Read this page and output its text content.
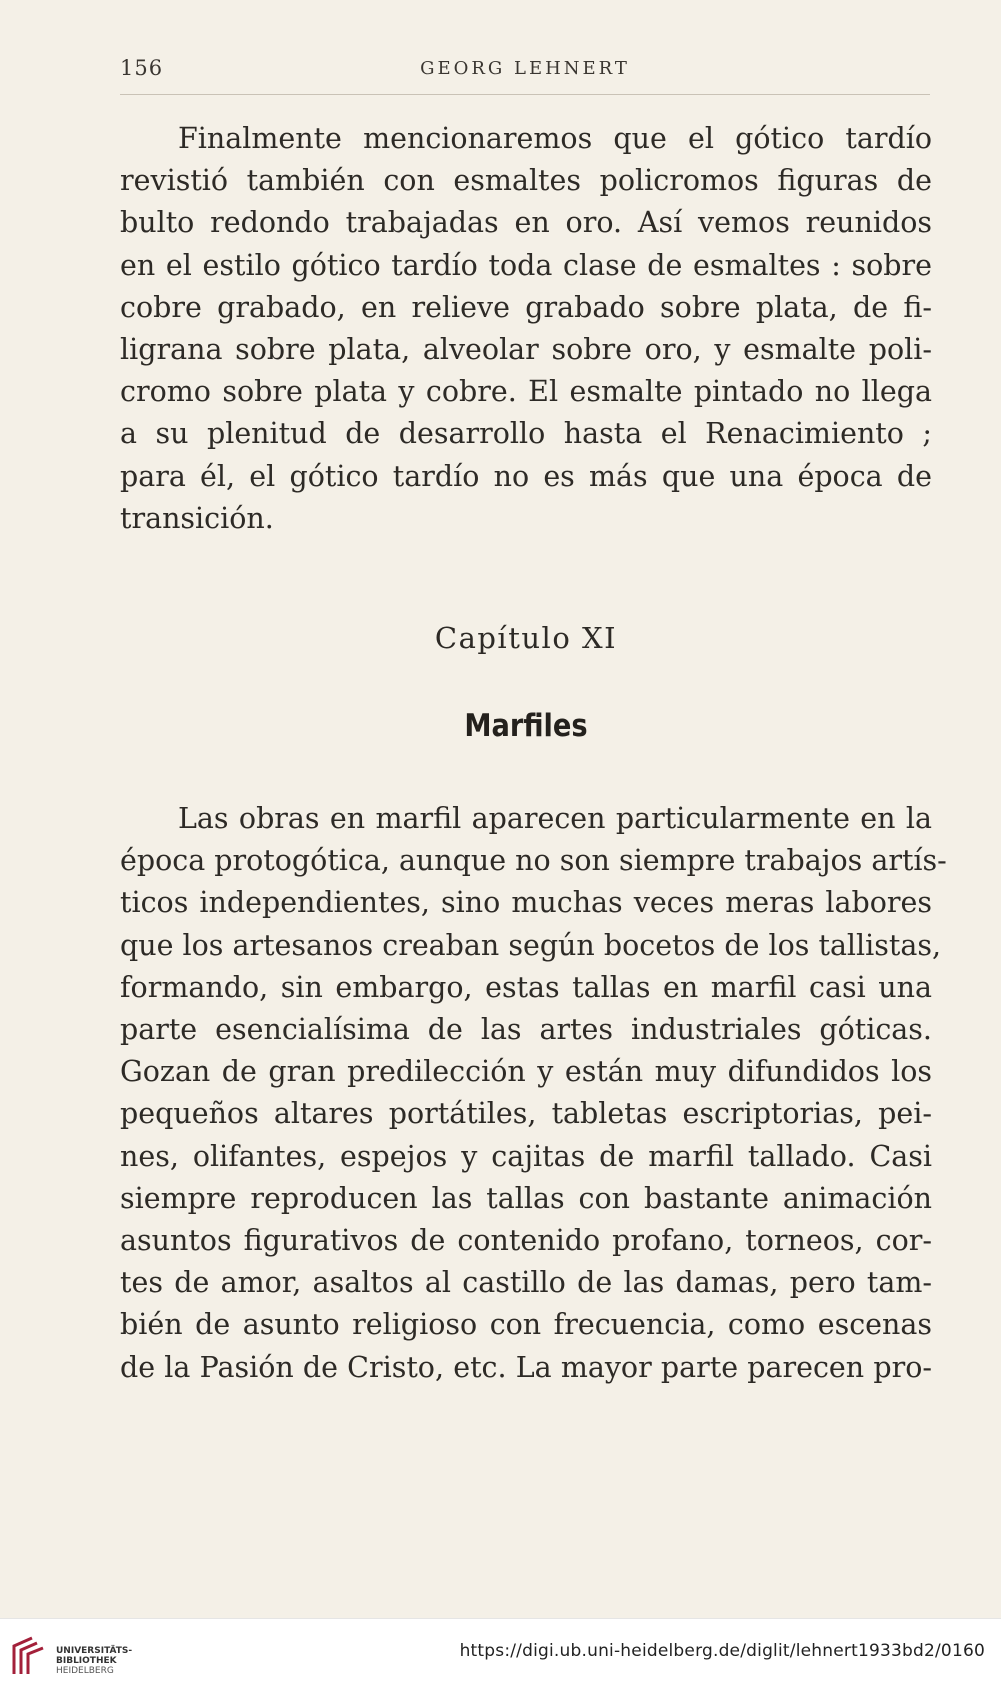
156	GEORG LEHNERT

Finalmente mencionaremos que el gótico tardío
revistió también con esmaltes policromos figuras de
bulto redondo trabajadas en oro. Así vemos reunidos
en el estilo gótico tardío toda clase de esmaltes : sobre
cobre grabado, en relieve grabado sobre plata, de fi-
ligrana sobre plata, alveolar sobre oro, y esmalte poli-
cromo sobre plata y cobre. El esmalte pintado no llega
a su plenitud de desarrollo hasta el Renacimiento ;
para él, el gótico tardío no es más que una época de
transición.

Capítulo XI
Marfiles

Las obras en marfil aparecen particularmente en la
época protogótica, aunque no son siempre trabajos artís-
ticos independientes, sino muchas veces meras labores
que los artesanos creaban según bocetos de los tallistas,
formando, sin embargo, estas tallas en marfil casi una
parte esencialísima de las artes industriales góticas.
Gozan de gran predilección y están muy difundidos los
pequeños altares portátiles, tabletas escriptorias, pei-
nes, olifantes, espejos y cajitas de marfil tallado. Casi
siempre reproducen las tallas con bastante animación
asuntos figurativos de contenido profano, torneos, cor-
tes de amor, asaltos al castillo de las damas, pero tam-
bién de asunto religioso con frecuencia, como escenas
de la Pasión de Cristo, etc. La mayor parte parecen pro-

UNIVERSITÄTS-
BIBLIOTHEK
HEIDELBERG
https://digi.ub.uni-heidelberg.de/diglit/lehnert1933bd2/0160
